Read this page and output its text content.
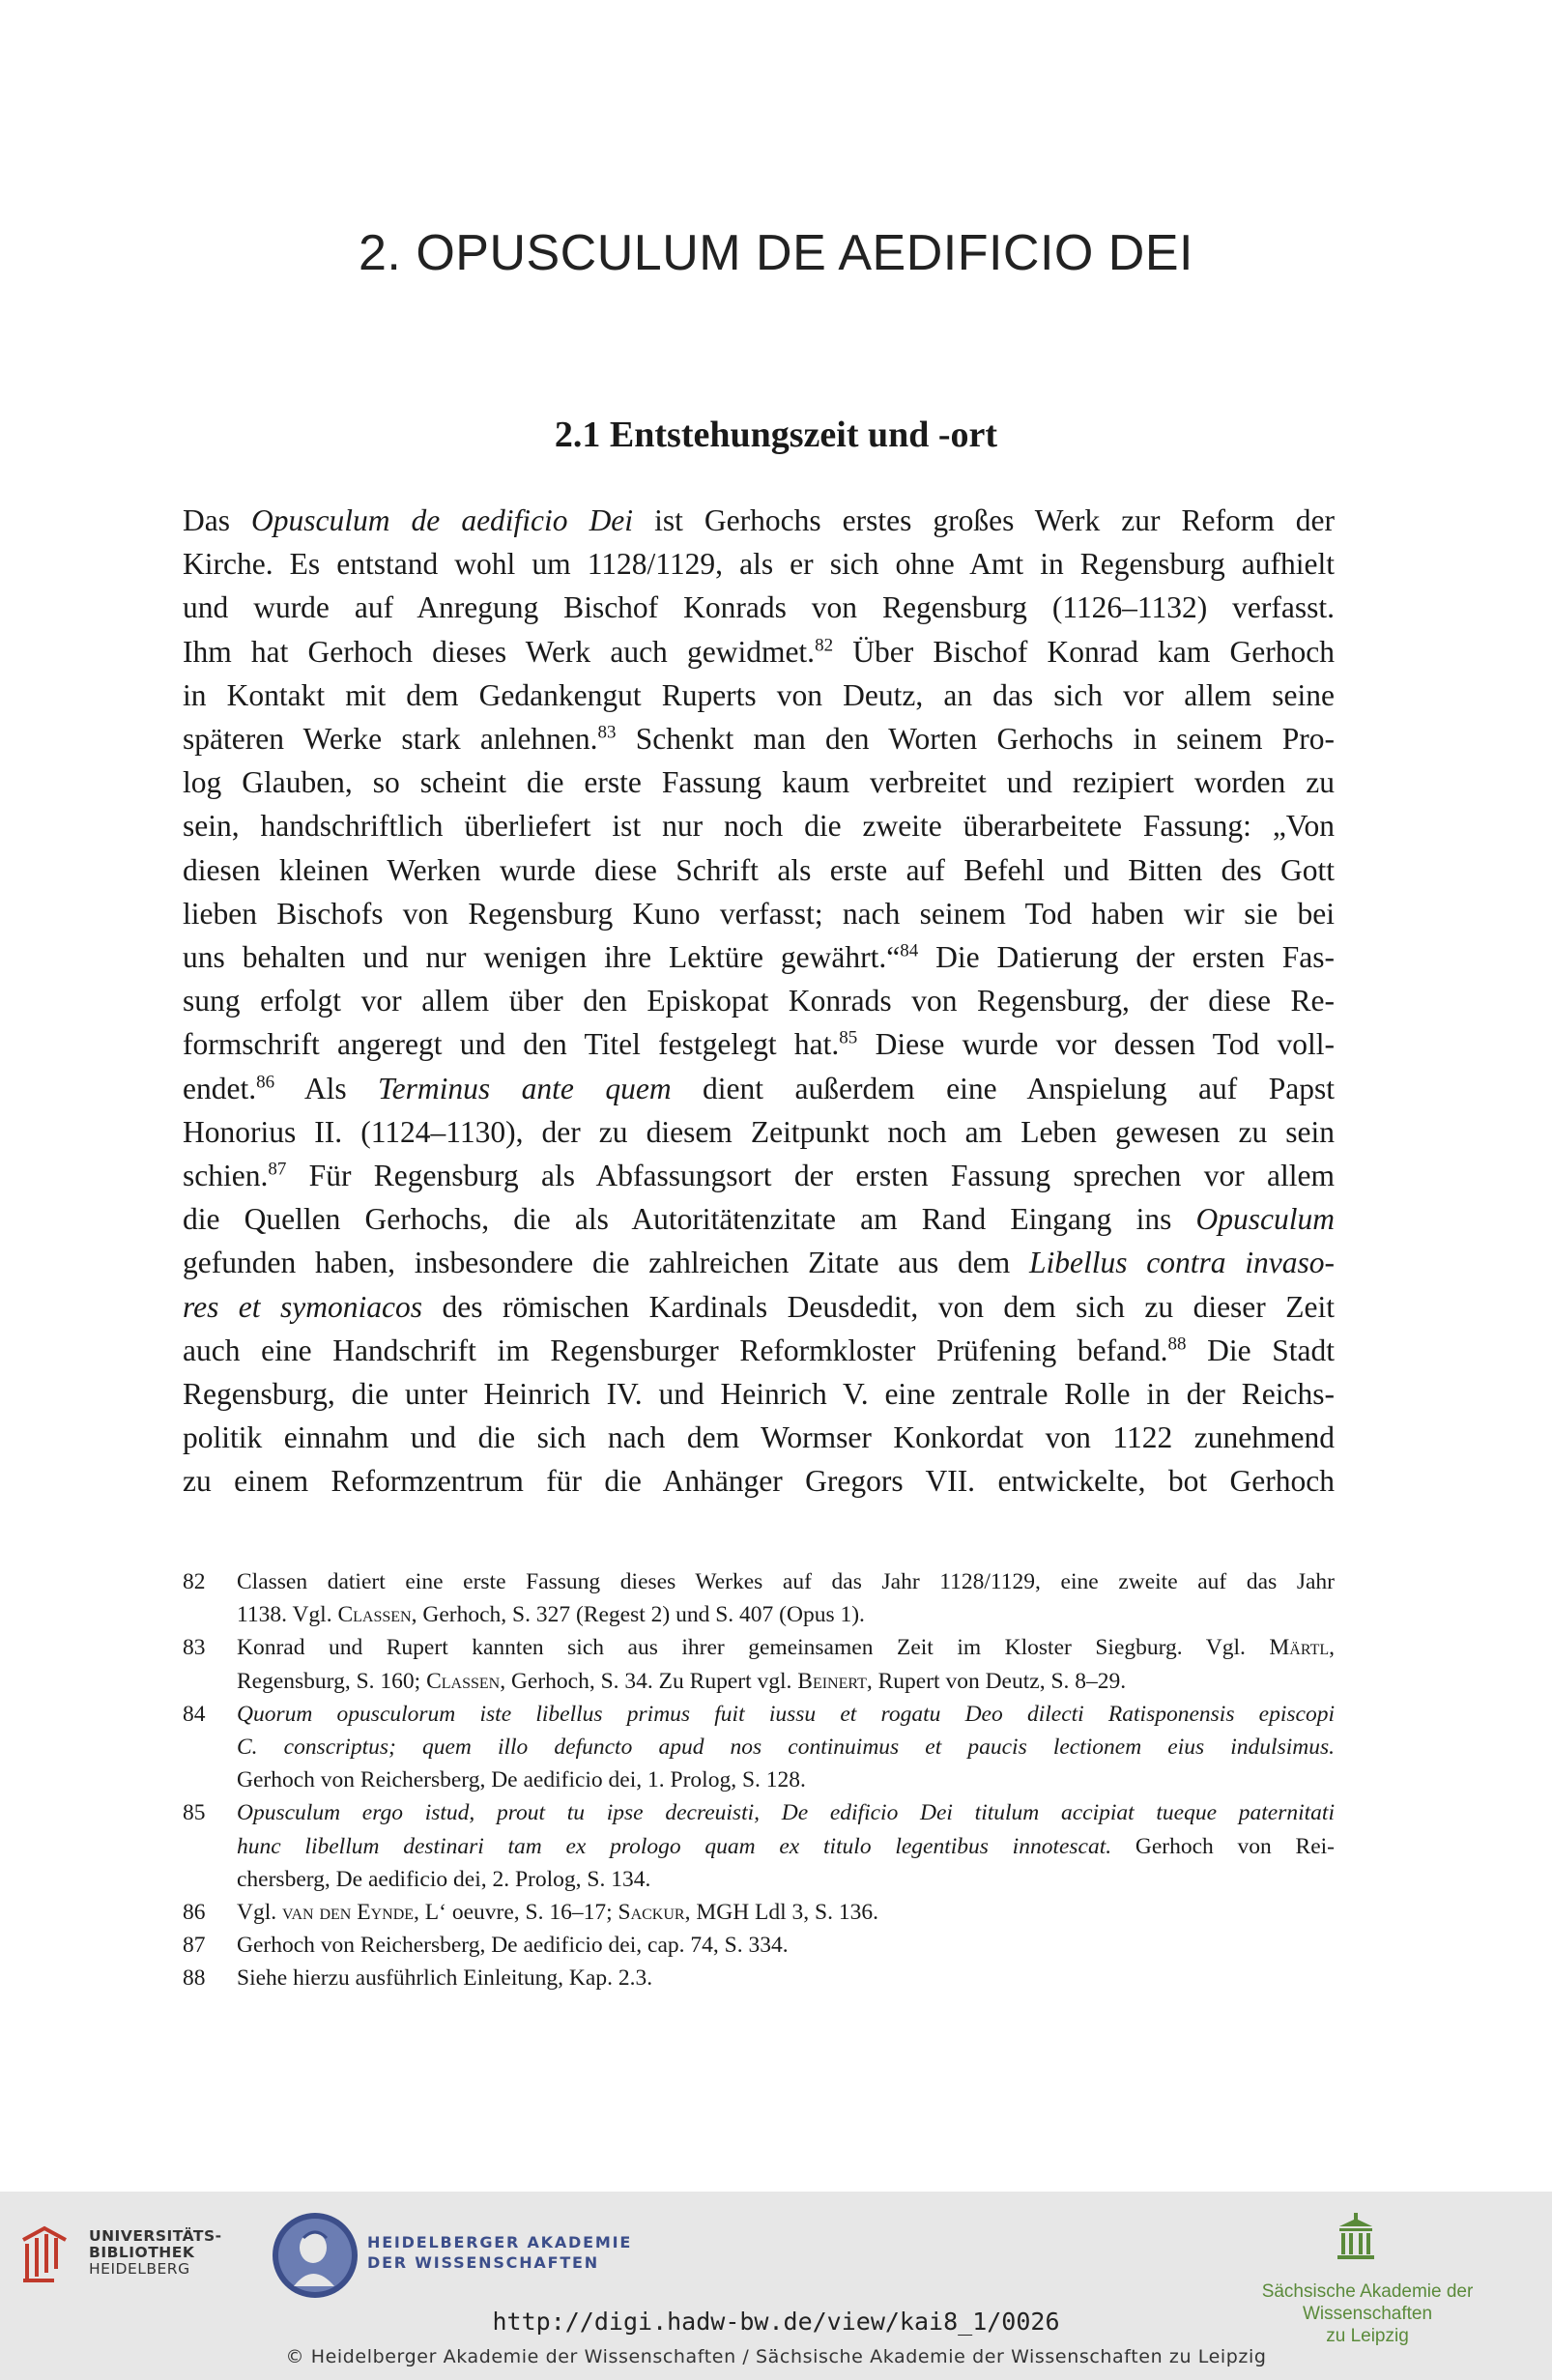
2. OPUSCULUM DE AEDIFICIO DEI
2.1 Entstehungszeit und -ort
Das Opusculum de aedificio Dei ist Gerhochs erstes großes Werk zur Reform der
Kirche. Es entstand wohl um 1128/1129, als er sich ohne Amt in Regensburg aufhielt
und wurde auf Anregung Bischof Konrads von Regensburg (1126–1132) verfasst.
Ihm hat Gerhoch dieses Werk auch gewidmet.$^{82}$ Über Bischof Konrad kam Gerhoch
in Kontakt mit dem Gedankengut Ruperts von Deutz, an das sich vor allem seine
späteren Werke stark anlehnen.$^{83}$ Schenkt man den Worten Gerhochs in seinem Pro-
log Glauben, so scheint die erste Fassung kaum verbreitet und rezipiert worden zu
sein, handschriftlich überliefert ist nur noch die zweite überarbeitete Fassung: „Von
diesen kleinen Werken wurde diese Schrift als erste auf Befehl und Bitten des Gott
lieben Bischofs von Regensburg Kuno verfasst; nach seinem Tod haben wir sie bei
uns behalten und nur wenigen ihre Lektüre gewährt.“$^{84}$ Die Datierung der ersten Fas-
sung erfolgt vor allem über den Episkopat Konrads von Regensburg, der diese Re-
formschrift angeregt und den Titel festgelegt hat.$^{85}$ Diese wurde vor dessen Tod voll-
endet.$^{86}$ Als Terminus ante quem dient außerdem eine Anspielung auf Papst
Honorius II. (1124–1130), der zu diesem Zeitpunkt noch am Leben gewesen zu sein
schien.$^{87}$ Für Regensburg als Abfassungsort der ersten Fassung sprechen vor allem
die Quellen Gerhochs, die als Autoritätenzitate am Rand Eingang ins Opusculum
gefunden haben, insbesondere die zahlreichen Zitate aus dem Libellus contra invaso-
res et symoniacos des römischen Kardinals Deusdedit, von dem sich zu dieser Zeit
auch eine Handschrift im Regensburger Reformkloster Prüfening befand.$^{88}$ Die Stadt
Regensburg, die unter Heinrich IV. und Heinrich V. eine zentrale Rolle in der Reichs-
politik einnahm und die sich nach dem Wormser Konkordat von 1122 zunehmend
zu einem Reformzentrum für die Anhänger Gregors VII. entwickelte, bot Gerhoch
82 Classen datiert eine erste Fassung dieses Werkes auf das Jahr 1128/1129, eine zweite auf das Jahr
1138. Vgl. Classen, Gerhoch, S. 327 (Regest 2) und S. 407 (Opus 1).
83 Konrad und Rupert kannten sich aus ihrer gemeinsamen Zeit im Kloster Siegburg. Vgl. Märtl,
Regensburg, S. 160; Classen, Gerhoch, S. 34. Zu Rupert vgl. Beinert, Rupert von Deutz, S. 8–29.
84 Quorum opusculorum iste libellus primus fuit iussu et rogatu Deo dilecti Ratisponensis episcopi
C. conscriptus; quem illo defuncto apud nos continuimus et paucis lectionem eius indulsimus.
Gerhoch von Reichersberg, De aedificio dei, 1. Prolog, S. 128.
85 Opusculum ergo istud, prout tu ipse decreuisti, De edificio Dei titulum accipiat tueque paternitati
hunc libellum destinari tam ex prologo quam ex titulo legentibus innotescat. Gerhoch von Rei-
chersberg, De aedificio dei, 2. Prolog, S. 134.
86 Vgl. van den Eynde, L‘ oeuvre, S. 16–17; Sackur, MGH Ldl 3, S. 136.
87 Gerhoch von Reichersberg, De aedificio dei, cap. 74, S. 334.
88 Siehe hierzu ausführlich Einleitung, Kap. 2.3.
UNIVERSITÄTS-
BIBLIOTHEK
HEIDELBERG
HEIDELBERGER AKADEMIE
DER WISSENSCHAFTEN
Sächsische Akademie der Wissenschaften
zu Leipzig
http://digi.hadw-bw.de/view/kai8_1/0026
© Heidelberger Akademie der Wissenschaften / Sächsische Akademie der Wissenschaften zu Leipzig
